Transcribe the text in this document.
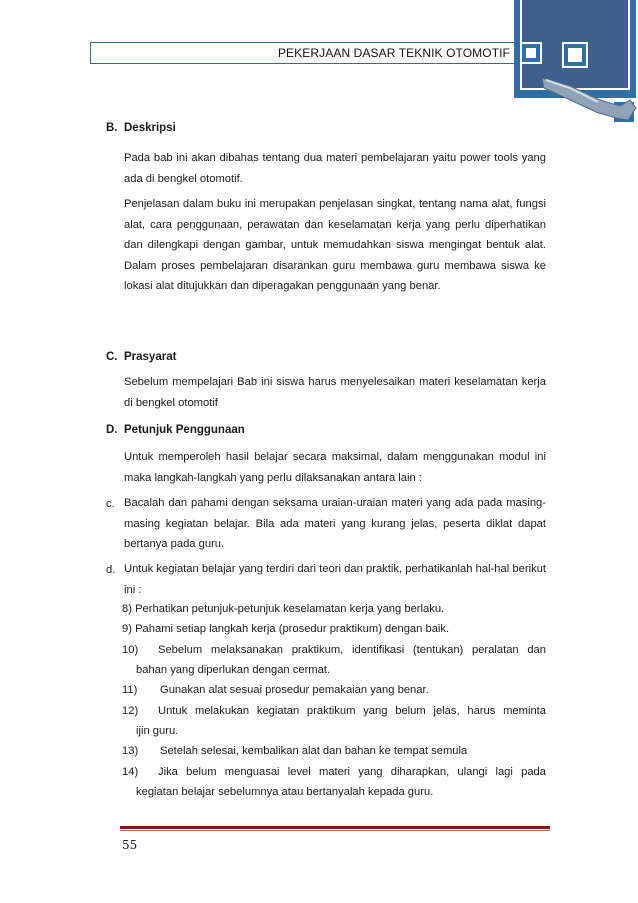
PEKERJAAN DASAR TEKNIK OTOMOTIF
B. Deskripsi
Pada bab ini akan dibahas tentang dua materi pembelajaran yaitu power tools yang ada di bengkel otomotif.
Penjelasan dalam buku ini merupakan penjelasan singkat, tentang nama alat, fungsi alat, cara penggunaan, perawatan dan keselamatan kerja yang perlu diperhatikan dan dilengkapi dengan gambar, untuk memudahkan siswa mengingat bentuk alat. Dalam proses pembelajaran disarankan guru membawa guru membawa siswa ke lokasi alat ditujukkan dan diperagakan penggunaan yang benar.
C. Prasyarat
Sebelum mempelajari Bab ini siswa harus menyelesaikan materi keselamatan kerja di bengkel otomotif
D. Petunjuk Penggunaan
Untuk memperoleh hasil belajar secara maksimal, dalam menggunakan modul ini maka langkah-langkah yang perlu dilaksanakan antara lain :
c. Bacalah dan pahami dengan seksama uraian-uraian materi yang ada pada masing-masing kegiatan belajar. Bila ada materi yang kurang jelas, peserta diklat dapat bertanya pada guru.
d. Untuk kegiatan belajar yang terdiri dari teori dan praktik, perhatikanlah hal-hal berikut ini :
8) Perhatikan petunjuk-petunjuk keselamatan kerja yang berlaku.
9) Pahami setiap langkah kerja (prosedur praktikum) dengan baik.
10) Sebelum melaksanakan praktikum, identifikasi (tentukan) peralatan dan
bahan yang diperlukan dengan cermat.
11) Gunakan alat sesuai prosedur pemakaian yang benar.
12) Untuk melakukan kegiatan praktikum yang belum jelas, harus meminta
ijin guru.
13) Setelah selesai, kembalikan alat dan bahan ke tempat semula
14) Jika belum menguasai level materi yang diharapkan, ulangi lagi pada
kegiatan belajar sebelumnya atau bertanyalah kepada guru.
55
